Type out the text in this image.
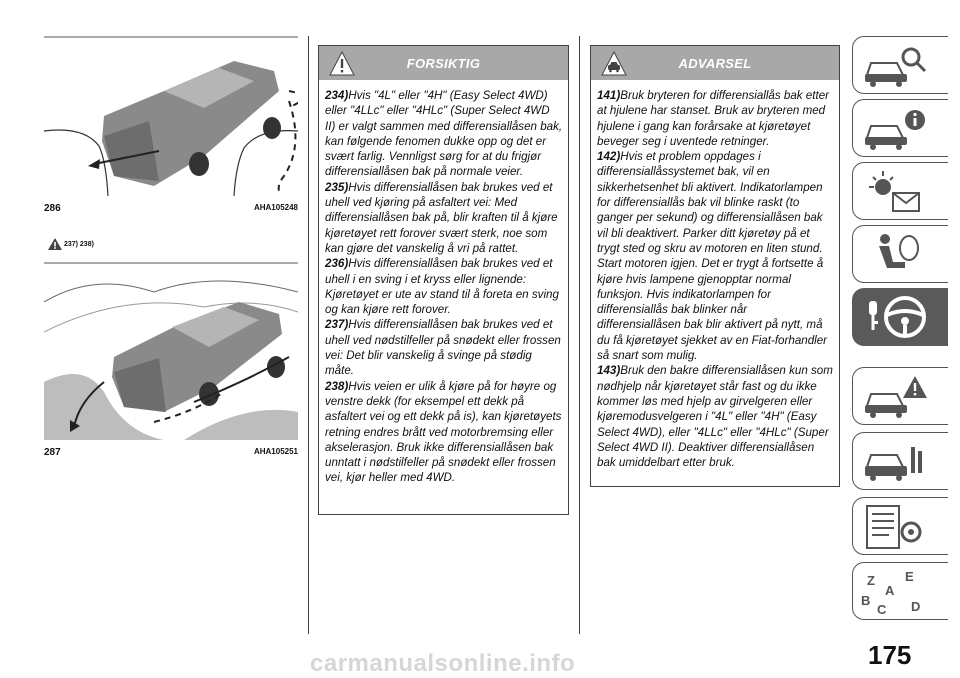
286	AHA105248
237) 238)
287	AHA105251
FORSIKTIG

234)Hvis "4L" eller "4H" (Easy Select 4WD) eller "4LLc" eller "4HLc" (Super Select 4WD II) er valgt sammen med differensiallåsen bak, kan følgende fenomen dukke opp og det er svært farlig. Vennligst sørg for at du frigjør differensiallåsen bak på normale veier.

235)Hvis differensiallåsen bak brukes ved et uhell ved kjøring på asfaltert vei: Med differensiallåsen bak på, blir kraften til å kjøre kjøretøyet rett forover svært sterk, noe som kan gjøre det vanskelig å vri på rattet.

236)Hvis differensiallåsen bak brukes ved et uhell i en sving i et kryss eller lignende: Kjøretøyet er ute av stand til å foreta en sving og kan kjøre rett forover.

237)Hvis differensiallåsen bak brukes ved et uhell ved nødstilfeller på snødekt eller frossen vei: Det blir vanskelig å svinge på stødig måte.

238)Hvis veien er ulik å kjøre på for høyre og venstre dekk (for eksempel ett dekk på asfaltert vei og ett dekk på is), kan kjøretøyets retning endres brått ved motorbremsing eller akselerasjon. Bruk ikke differensiallåsen bak unntatt i nødstilfeller på snødekt eller frossen vei, kjør heller med 4WD.

ADVARSEL

141)Bruk bryteren for differensiallås bak etter at hjulene har stanset. Bruk av bryteren med hjulene i gang kan forårsake at kjøretøyet beveger seg i uventede retninger.

142)Hvis et problem oppdages i differensiallåssystemet bak, vil en sikkerhetsenhet bli aktivert. Indikatorlampen for differensiallås bak vil blinke raskt (to ganger per sekund) og differensiallåsen bak vil bli deaktivert. Parker ditt kjøretøy på et trygt sted og skru av motoren en liten stund. Start motoren igjen. Det er trygt å fortsette å kjøre hvis lampene gjenopptar normal funksjon. Hvis indikatorlampen for differensiallås bak blinker når differensiallåsen bak blir aktivert på nytt, må du få kjøretøyet sjekket av en Fiat-forhandler så snart som mulig.

143)Bruk den bakre differensiallåsen kun som nødhjelp når kjøretøyet står fast og du ikke kommer løs med hjelp av girvelgeren eller kjøremodusvelgeren i "4L" eller "4H" (Easy Select 4WD), eller "4LLc" eller "4HLc" (Super Select 4WD II). Deaktiver differensiallåsen bak umiddelbart etter bruk.

Z E
B
A
C D
175
carmanualsonline.info
